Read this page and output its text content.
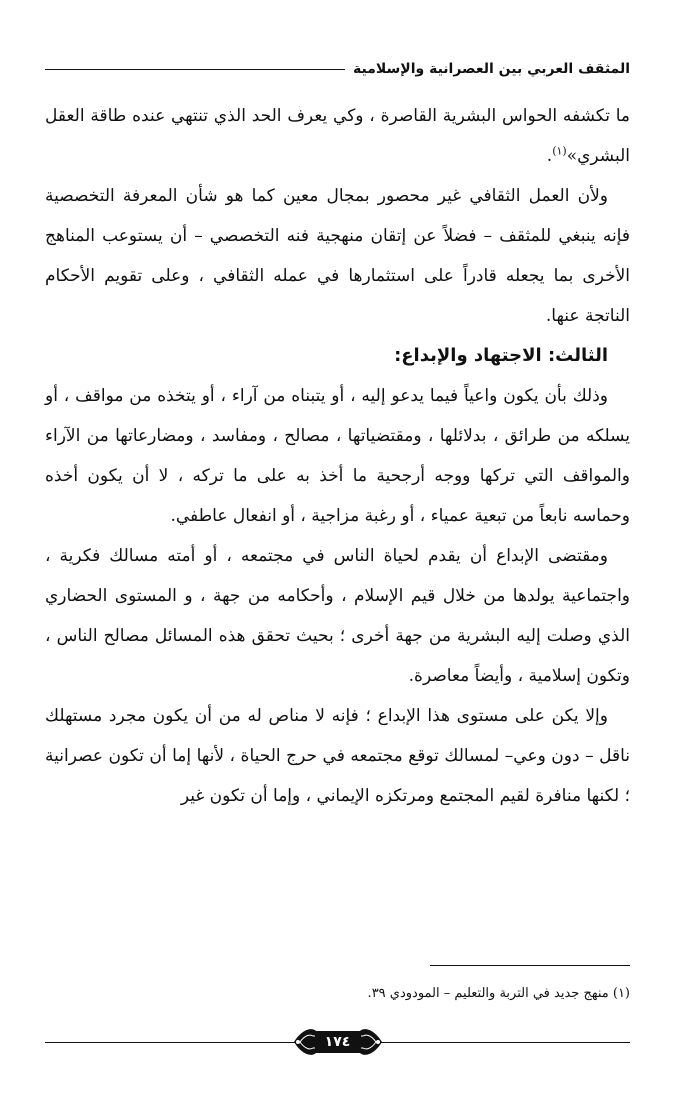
المثقف العربي بين العصرانية والإسلامية

ما تكشفه الحواس البشرية القاصرة ، وكي يعرف الحد الذي تنتهي عنده طاقة العقل البشري»$^{(١)}$.

ولأن العمل الثقافي غير محصور بمجال معين كما هو شأن المعرفة التخصصية فإنه ينبغي للمثقف – فضلاً عن إتقان منهجية فنه التخصصي – أن يستوعب المناهج الأخرى بما يجعله قادراً على استثمارها في عمله الثقافي ، وعلى تقويم الأحكام الناتجة عنها.

الثالث: الاجتهاد والإبداع:

وذلك بأن يكون واعياً فيما يدعو إليه ، أو يتبناه من آراء ، أو يتخذه من مواقف ، أو يسلكه من طرائق ، بدلائلها ، ومقتضياتها ، مصالح ، ومفاسد ، ومضارعاتها من الآراء والمواقف التي تركها ووجه أرجحية ما أخذ به على ما تركه ، لا أن يكون أخذه وحماسه نابعاً من تبعية عمياء ، أو رغبة مزاجية ، أو انفعال عاطفي.

ومقتضى الإبداع أن يقدم لحياة الناس في مجتمعه ، أو أمته مسالك فكرية ، واجتماعية يولدها من خلال قيم الإسلام ، وأحكامه من جهة ، و المستوى الحضاري الذي وصلت إليه البشرية من جهة أخرى ؛ بحيث تحقق هذه المسائل مصالح الناس ، وتكون إسلامية ، وأيضاً معاصرة.

وإلا يكن على مستوى هذا الإبداع ؛ فإنه لا مناص له من أن يكون مجرد مستهلك ناقل – دون وعي– لمسالك توقع مجتمعه في حرج الحياة ، لأنها إما أن تكون عصرانية ؛ لكنها منافرة لقيم المجتمع ومرتكزه الإيماني ، وإما أن تكون غير

(١) منهج جديد في التربة والتعليم – المودودي ٣٩.
١٧٤
